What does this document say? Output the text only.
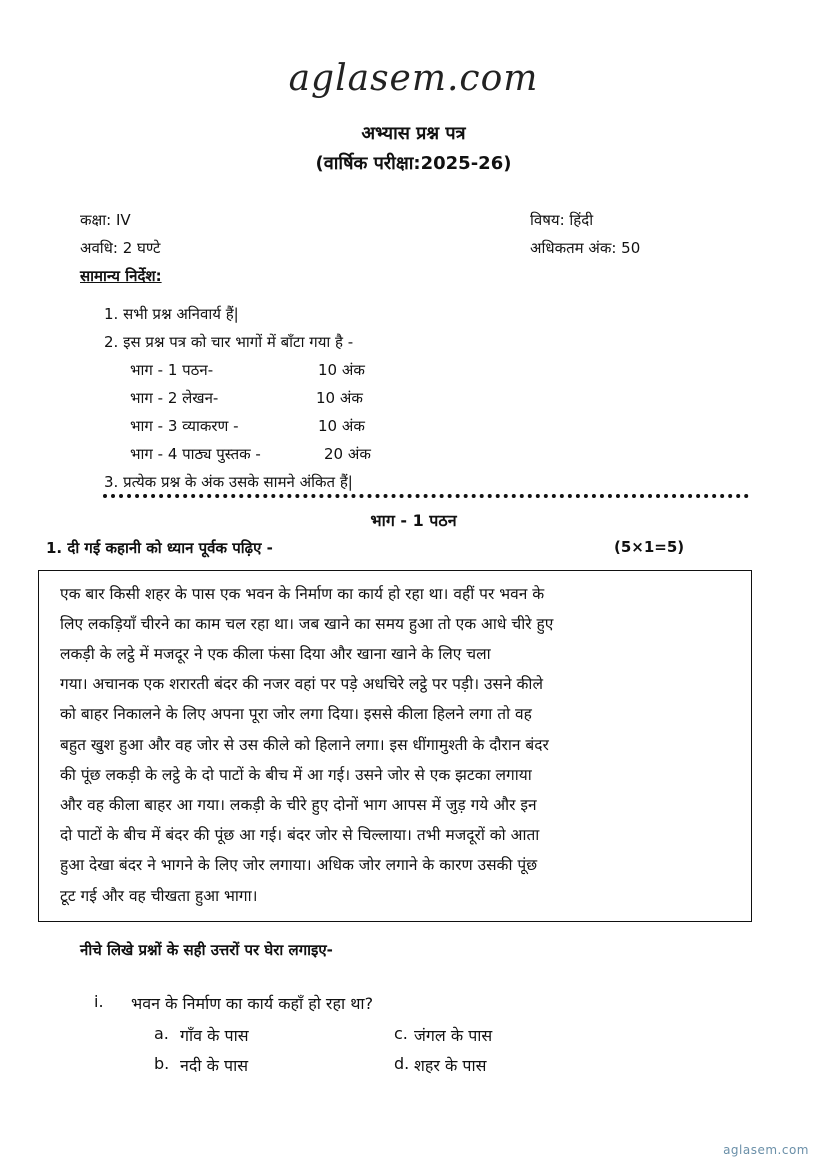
aglasem.com
अभ्यास प्रश्न पत्र
(वार्षिक परीक्षा:2025-26)
कक्षा: IV	विषय: हिंदी
अवधि: 2 घण्टे	अधिकतम अंक: 50
सामान्य निर्देश:
1. सभी प्रश्न अनिवार्य हैं|
2. इस प्रश्न पत्र को चार भागों में बाँटा गया है -
भाग - 1 पठन-	10 अंक
भाग - 2 लेखन-	10 अंक
भाग - 3 व्याकरण -	10 अंक
भाग - 4 पाठ्य पुस्तक -	20 अंक
3. प्रत्येक प्रश्न के अंक उसके सामने अंकित हैं|
भाग - 1 पठन
1. दी गई कहानी को ध्यान पूर्वक पढ़िए -	(5×1=5)
एक बार किसी शहर के पास एक भवन के निर्माण का कार्य हो रहा था। वहीं पर भवन के
लिए लकड़ियाँ चीरने का काम चल रहा था। जब खाने का समय हुआ तो एक आधे चीरे हुए
लकड़ी के लट्ठे में मजदूर ने एक कीला फंसा दिया और खाना खाने के लिए चला
गया। अचानक एक शरारती बंदर की नजर वहां पर पड़े अधचिरे लट्ठे पर पड़ी। उसने कीले
को बाहर निकालने के लिए अपना पूरा जोर लगा दिया। इससे कीला हिलने लगा तो वह
बहुत खुश हुआ और वह जोर से उस कीले को हिलाने लगा। इस धींगामुश्ती के दौरान बंदर
की पूंछ लकड़ी के लट्ठे के दो पाटों के बीच में आ गई। उसने जोर से एक झटका लगाया
और वह कीला बाहर आ गया। लकड़ी के चीरे हुए दोनों भाग आपस में जुड़ गये और इन
दो पाटों के बीच में बंदर की पूंछ आ गई। बंदर जोर से चिल्लाया। तभी मजदूरों को आता
हुआ देखा बंदर ने भागने के लिए जोर लगाया। अधिक जोर लगाने के कारण उसकी पूंछ
टूट गई और वह चीखता हुआ भागा।
नीचे लिखे प्रश्नों के सही उत्तरों पर घेरा लगाइए-
i. भवन के निर्माण का कार्य कहाँ हो रहा था?
a. गाँव के पास	c. जंगल के पास
b. नदी के पास	d. शहर के पास
aglasem.com
